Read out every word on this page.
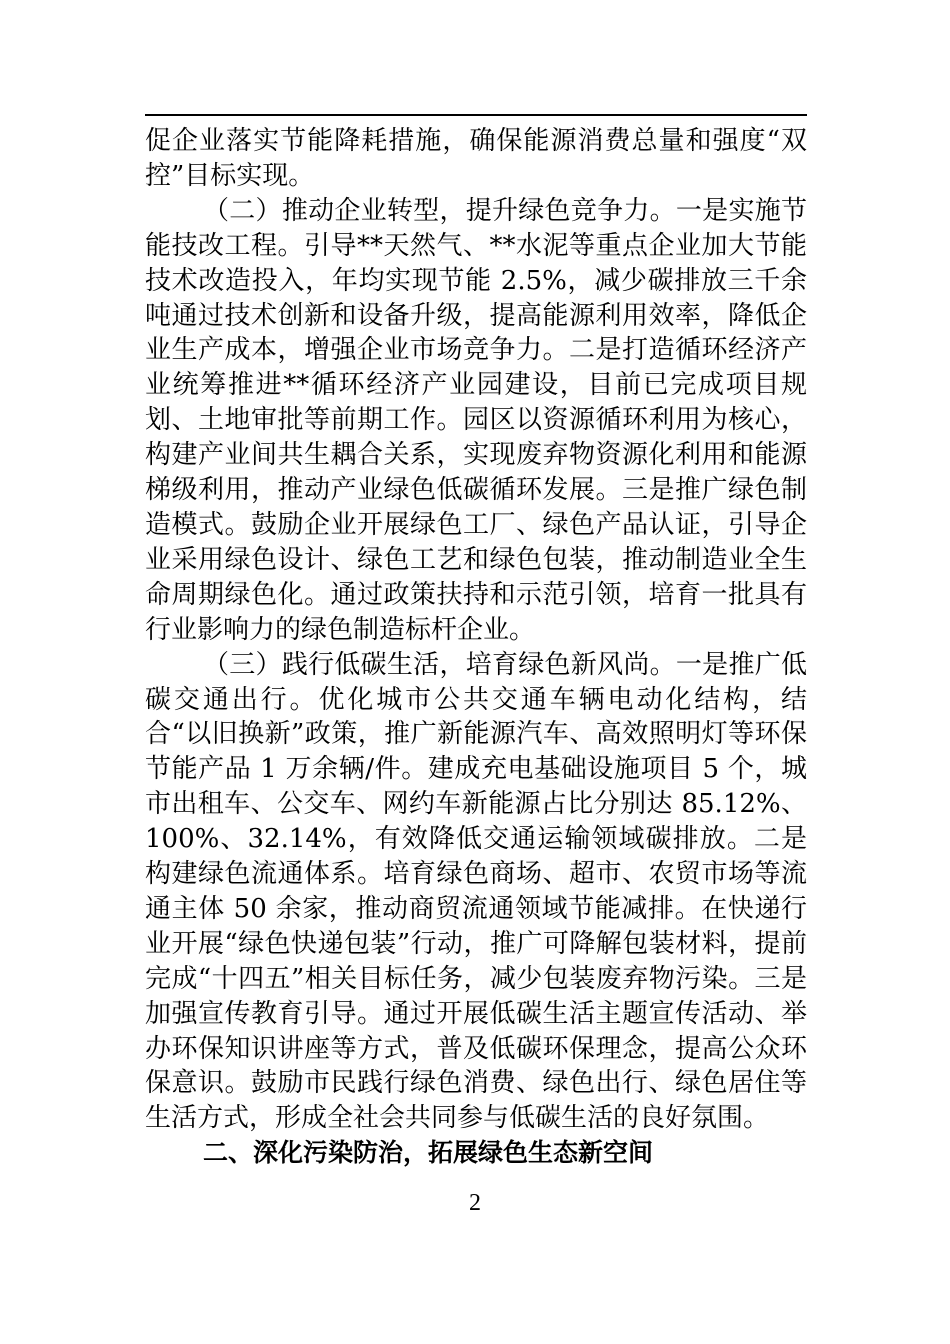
促企业落实节能降耗措施，确保能源消费总量和强度“双控”目标实现。

（二）推动企业转型，提升绿色竞争力。一是实施节能技改工程。引导**天然气、**水泥等重点企业加大节能技术改造投入，年均实现节能 2.5%，减少碳排放三千余吨通过技术创新和设备升级，提高能源利用效率，降低企业生产成本，增强企业市场竞争力。二是打造循环经济产业统筹推进**循环经济产业园建设，目前已完成项目规划、土地审批等前期工作。园区以资源循环利用为核心，构建产业间共生耦合关系，实现废弃物资源化利用和能源梯级利用，推动产业绿色低碳循环发展。三是推广绿色制造模式。鼓励企业开展绿色工厂、绿色产品认证，引导企业采用绿色设计、绿色工艺和绿色包装，推动制造业全生命周期绿色化。通过政策扶持和示范引领，培育一批具有行业影响力的绿色制造标杆企业。

（三）践行低碳生活，培育绿色新风尚。一是推广低碳交通出行。优化城市公共交通车辆电动化结构，结合“以旧换新”政策，推广新能源汽车、高效照明灯等环保节能产品 1 万余辆/件。建成充电基础设施项目 5 个，城市出租车、公交车、网约车新能源占比分别达 85.12%、100%、32.14%，有效降低交通运输领域碳排放。二是构建绿色流通体系。培育绿色商场、超市、农贸市场等流通主体 50 余家，推动商贸流通领域节能减排。在快递行业开展“绿色快递包装”行动，推广可降解包装材料，提前完成“十四五”相关目标任务，减少包装废弃物污染。三是加强宣传教育引导。通过开展低碳生活主题宣传活动、举办环保知识讲座等方式，普及低碳环保理念，提高公众环保意识。鼓励市民践行绿色消费、绿色出行、绿色居住等生活方式，形成全社会共同参与低碳生活的良好氛围。

二、深化污染防治，拓展绿色生态新空间

2
